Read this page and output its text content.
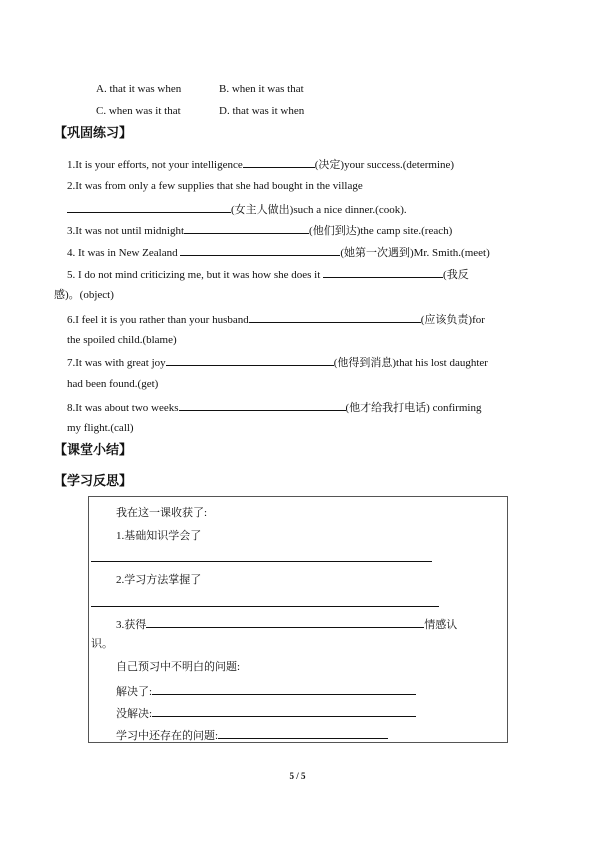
A. that it was when	B. when it was that
C. when was it that	D. that was it when
【巩固练习】
1.It is your efforts, not your intelligence	(决定)your success.(determine)
2.It was from only a few supplies that she had bought in the village
(女主人做出)such a nice dinner.(cook).
3.It was not until midnight	(他们到达)the camp site.(reach)
4. It was in New Zealand	(她第一次遇到)Mr. Smith.(meet)
5. I do not mind criticizing me, but it was how she does it	(我反
感)。(object)
6.I feel it is you rather than your husband	(应该负责)for
the spoiled child.(blame)
7.It was with great joy	(他得到消息)that his lost daughter
had been found.(get)
8.It was about two weeks	(他才给我打电话) confirming
my flight.(call)
【课堂小结】
【学习反思】
我在这一课收获了:
1.基础知识学会了
2.学习方法掌握了
3.获得	情感认
识。
自己预习中不明白的问题:
解决了:
没解决:
学习中还存在的问题:
5 / 5
